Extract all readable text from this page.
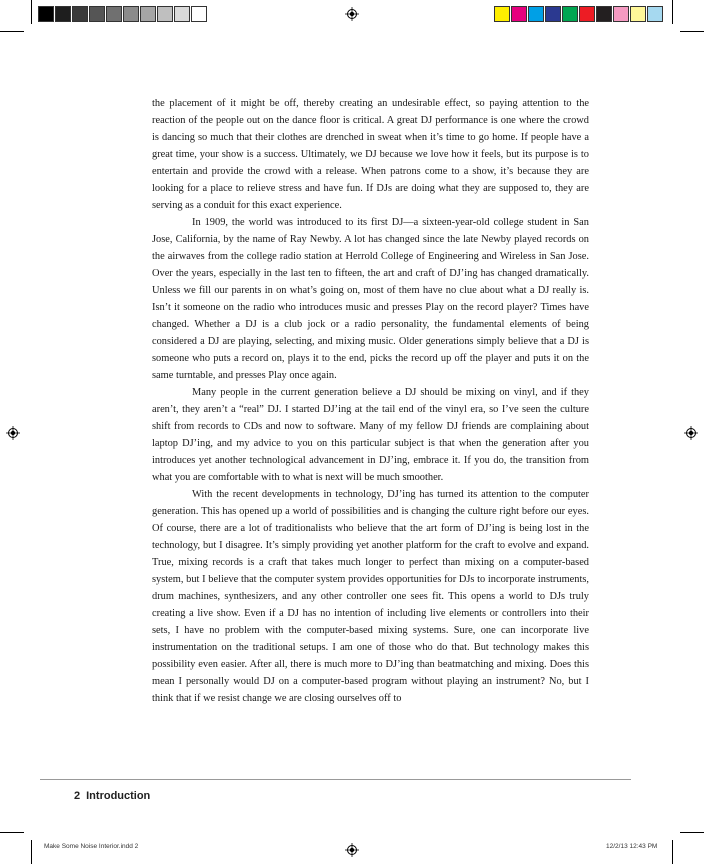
the placement of it might be off, thereby creating an undesirable effect, so paying attention to the reaction of the people out on the dance floor is critical. A great DJ performance is one where the crowd is dancing so much that their clothes are drenched in sweat when it’s time to go home. If people have a great time, your show is a success. Ultimately, we DJ because we love how it feels, but its purpose is to entertain and provide the crowd with a release. When patrons come to a show, it’s because they are looking for a place to relieve stress and have fun. If DJs are doing what they are supposed to, they are serving as a conduit for this exact experience.

In 1909, the world was introduced to its first DJ—a sixteen-year-old college student in San Jose, California, by the name of Ray Newby. A lot has changed since the late Newby played records on the airwaves from the college radio station at Herrold College of Engineering and Wireless in San Jose. Over the years, especially in the last ten to fifteen, the art and craft of DJ’ing has changed dramatically. Unless we fill our parents in on what’s going on, most of them have no clue about what a DJ really is. Isn’t it someone on the radio who introduces music and presses Play on the record player? Times have changed. Whether a DJ is a club jock or a radio personality, the fundamental elements of being considered a DJ are playing, selecting, and mixing music. Older generations simply believe that a DJ is someone who puts a record on, plays it to the end, picks the record up off the player and puts it on the same turntable, and presses Play once again.

Many people in the current generation believe a DJ should be mixing on vinyl, and if they aren’t, they aren’t a “real” DJ. I started DJ’ing at the tail end of the vinyl era, so I’ve seen the culture shift from records to CDs and now to software. Many of my fellow DJ friends are complaining about laptop DJ’ing, and my advice to you on this particular subject is that when the generation after you introduces yet another technological advancement in DJ’ing, embrace it. If you do, the transition from what you are comfortable with to what is next will be much smoother.

With the recent developments in technology, DJ’ing has turned its attention to the computer generation. This has opened up a world of possibilities and is changing the culture right before our eyes. Of course, there are a lot of traditionalists who believe that the art form of DJ’ing is being lost in the technology, but I disagree. It’s simply providing yet another platform for the craft to evolve and expand. True, mixing records is a craft that takes much longer to perfect than mixing on a computer-based system, but I believe that the computer system provides opportunities for DJs to incorporate instruments, drum machines, synthesizers, and any other controller one sees fit. This opens a world to DJs truly creating a live show. Even if a DJ has no intention of including live elements or controllers into their sets, I have no problem with the computer-based mixing systems. Sure, one can incorporate live instrumentation on the traditional setups. I am one of those who do that. But technology makes this possibility even easier. After all, there is much more to DJ’ing than beatmatching and mixing. Does this mean I personally would DJ on a computer-based program without playing an instrument? No, but I think that if we resist change we are closing ourselves off to

2 Introduction
Make Some Noise Interior.indd 2	12/2/13 12:43 PM
